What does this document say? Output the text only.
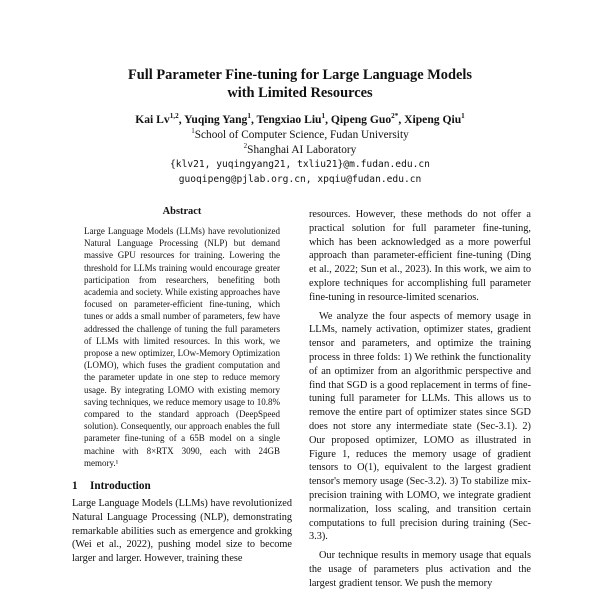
Full Parameter Fine-tuning for Large Language Models
with Limited Resources
Kai Lv$^{1,2}$, Yuqing Yang$^1$, Tengxiao Liu$^1$, Qipeng Guo$^{2*}$, Xipeng Qiu$^1$
$^1$School of Computer Science, Fudan University
$^2$Shanghai AI Laboratory
{klv21, yuqingyang21, txliu21}@m.fudan.edu.cn
guoqipeng@pjlab.org.cn, xpqiu@fudan.edu.cn
Abstract
Large Language Models (LLMs) have revolutionized Natural Language Processing (NLP) but demand massive GPU resources for training. Lowering the threshold for LLMs training would encourage greater participation from researchers, benefiting both academia and society. While existing approaches have focused on parameter-efficient fine-tuning, which tunes or adds a small number of parameters, few have addressed the challenge of tuning the full parameters of LLMs with limited resources. In this work, we propose a new optimizer, LOw-Memory Optimization (LOMO), which fuses the gradient computation and the parameter update in one step to reduce memory usage. By integrating LOMO with existing memory saving techniques, we reduce memory usage to 10.8% compared to the standard approach (DeepSpeed solution). Consequently, our approach enables the full parameter fine-tuning of a 65B model on a single machine with 8×RTX 3090, each with 24GB memory.¹
1 Introduction

Large Language Models (LLMs) have revolutionized Natural Language Processing (NLP), demonstrating remarkable abilities such as emergence and grokking (Wei et al., 2022), pushing model size to become larger and larger. However, training these

resources. However, these methods do not offer a practical solution for full parameter fine-tuning, which has been acknowledged as a more powerful approach than parameter-efficient fine-tuning (Ding et al., 2022; Sun et al., 2023). In this work, we aim to explore techniques for accomplishing full parameter fine-tuning in resource-limited scenarios.

We analyze the four aspects of memory usage in LLMs, namely activation, optimizer states, gradient tensor and parameters, and optimize the training process in three folds: 1) We rethink the functionality of an optimizer from an algorithmic perspective and find that SGD is a good replacement in terms of fine-tuning full parameter for LLMs. This allows us to remove the entire part of optimizer states since SGD does not store any intermediate state (Sec-3.1). 2) Our proposed optimizer, LOMO as illustrated in Figure 1, reduces the memory usage of gradient tensors to O(1), equivalent to the largest gradient tensor's memory usage (Sec-3.2). 3) To stabilize mix-precision training with LOMO, we integrate gradient normalization, loss scaling, and transition certain computations to full precision during training (Sec-3.3).

Our technique results in memory usage that equals the usage of parameters plus activation and the largest gradient tensor. We push the memory
